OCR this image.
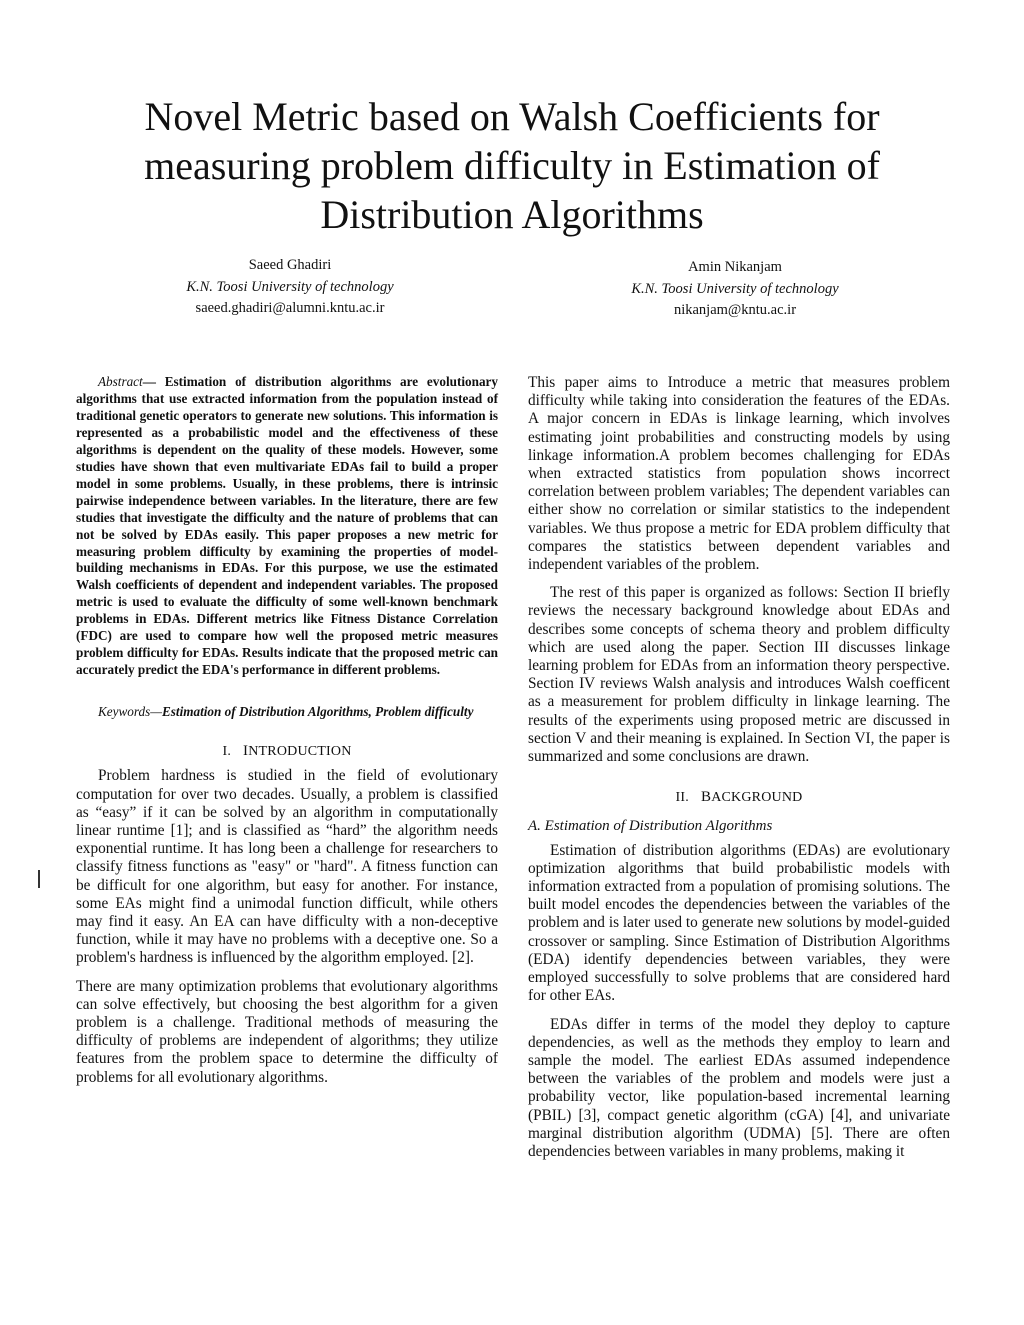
Novel Metric based on Walsh Coefficients for measuring problem difficulty in Estimation of Distribution Algorithms
Saeed Ghadiri
K.N. Toosi University of technology
saeed.ghadiri@alumni.kntu.ac.ir
Amin Nikanjam
K.N. Toosi University of technology
nikanjam@kntu.ac.ir

Abstract— Estimation of distribution algorithms are evolutionary algorithms that use extracted information from the population instead of traditional genetic operators to generate new solutions. This information is represented as a probabilistic model and the effectiveness of these algorithms is dependent on the quality of these models. However, some studies have shown that even multivariate EDAs fail to build a proper model in some problems. Usually, in these problems, there is intrinsic pairwise independence between variables. In the literature, there are few studies that investigate the difficulty and the nature of problems that can not be solved by EDAs easily. This paper proposes a new metric for measuring problem difficulty by examining the properties of model-building mechanisms in EDAs. For this purpose, we use the estimated Walsh coefficients of dependent and independent variables. The proposed metric is used to evaluate the difficulty of some well-known benchmark problems in EDAs. Different metrics like Fitness Distance Correlation (FDC) are used to compare how well the proposed metric measures problem difficulty for EDAs. Results indicate that the proposed metric can accurately predict the EDA's performance in different problems.

Keywords—Estimation of Distribution Algorithms, Problem difficulty

I. INTRODUCTION

Problem hardness is studied in the field of evolutionary computation for over two decades. Usually, a problem is classified as “easy” if it can be solved by an algorithm in computationally linear runtime [1]; and is classified as “hard” the algorithm needs exponential runtime. It has long been a challenge for researchers to classify fitness functions as "easy" or "hard". A fitness function can be difficult for one algorithm, but easy for another. For instance, some EAs might find a unimodal function difficult, while others may find it easy. An EA can have difficulty with a non-deceptive function, while it may have no problems with a deceptive one. So a problem's hardness is influenced by the algorithm employed. [2].

There are many optimization problems that evolutionary algorithms can solve effectively, but choosing the best algorithm for a given problem is a challenge. Traditional methods of measuring the difficulty of problems are independent of algorithms; they utilize features from the problem space to determine the difficulty of problems for all evolutionary algorithms.

This paper aims to Introduce a metric that measures problem difficulty while taking into consideration the features of the EDAs. A major concern in EDAs is linkage learning, which involves estimating joint probabilities and constructing models by using linkage information.A problem becomes challenging for EDAs when extracted statistics from population shows incorrect correlation between problem variables; The dependent variables can either show no correlation or similar statistics to the independent variables. We thus propose a metric for EDA problem difficulty that compares the statistics between dependent variables and independent variables of the problem.

The rest of this paper is organized as follows: Section II briefly reviews the necessary background knowledge about EDAs and describes some concepts of schema theory and problem difficulty which are used along the paper. Section III discusses linkage learning problem for EDAs from an information theory perspective. Section IV reviews Walsh analysis and introduces Walsh coefficent as a measurement for problem difficulty in linkage learning. The results of the experiments using proposed metric are discussed in section V and their meaning is explained. In Section VI, the paper is summarized and some conclusions are drawn.

II. BACKGROUND
A. Estimation of Distribution Algorithms

Estimation of distribution algorithms (EDAs) are evolutionary optimization algorithms that build probabilistic models with information extracted from a population of promising solutions. The built model encodes the dependencies between the variables of the problem and is later used to generate new solutions by model-guided crossover or sampling. Since Estimation of Distribution Algorithms (EDA) identify dependencies between variables, they were employed successfully to solve problems that are considered hard for other EAs.

EDAs differ in terms of the model they deploy to capture dependencies, as well as the methods they employ to learn and sample the model. The earliest EDAs assumed independence between the variables of the problem and models were just a probability vector, like population-based incremental learning (PBIL) [3], compact genetic algorithm (cGA) [4], and univariate marginal distribution algorithm (UDMA) [5]. There are often dependencies between variables in many problems, making it
